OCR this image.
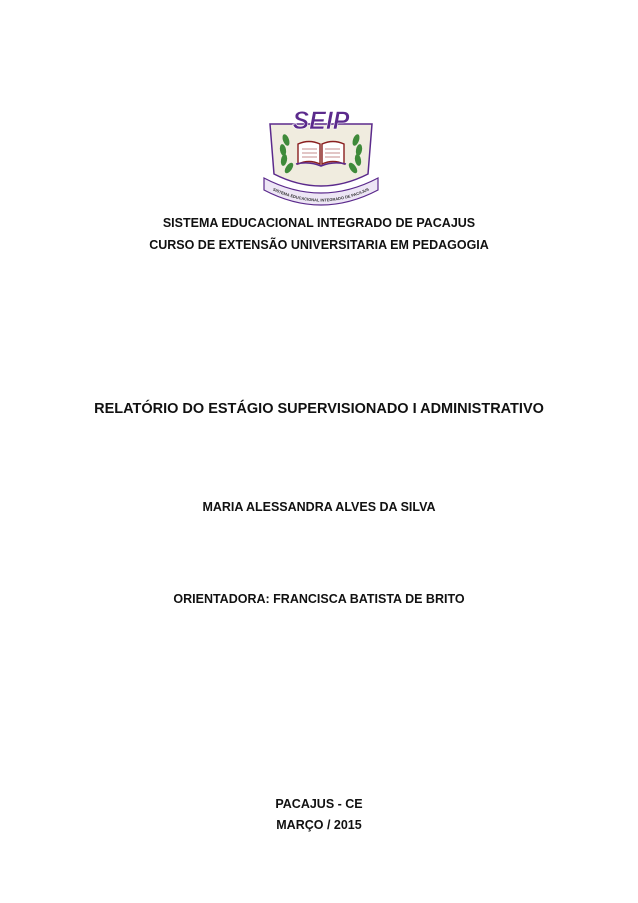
SEIP
SISTEMA EDUCACIONAL INTEGRADO DE PACAJUS
SISTEMA EDUCACIONAL INTEGRADO DE PACAJUS
CURSO DE EXTENSÃO UNIVERSITARIA EM PEDAGOGIA
RELATÓRIO DO ESTÁGIO SUPERVISIONADO I ADMINISTRATIVO
MARIA ALESSANDRA ALVES DA SILVA
ORIENTADORA: FRANCISCA BATISTA DE BRITO
PACAJUS - CE
MARÇO / 2015
